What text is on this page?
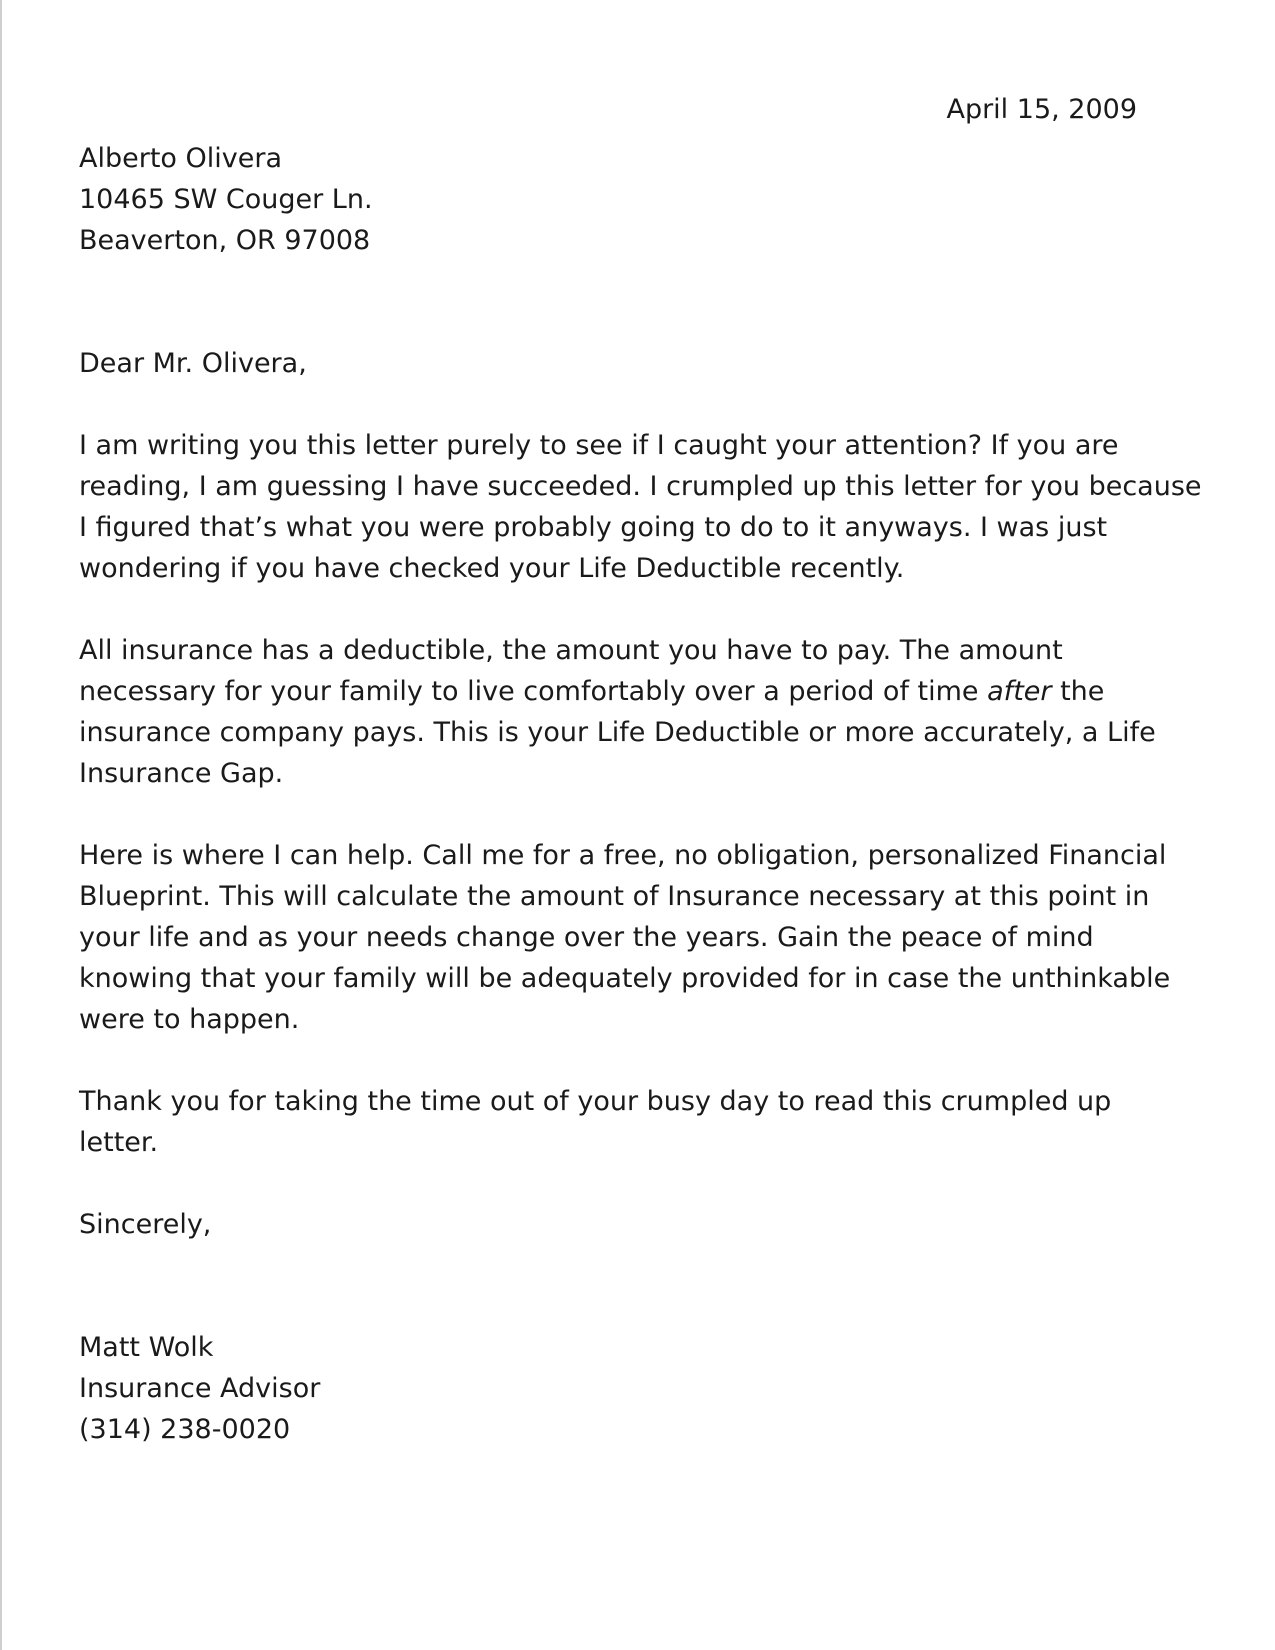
April 15, 2009
Alberto Olivera
10465 SW Couger Ln.
Beaverton, OR 97008
Dear Mr. Olivera,
I am writing you this letter purely to see if I caught your attention? If you are
reading, I am guessing I have succeeded. I crumpled up this letter for you because
I figured that’s what you were probably going to do to it anyways. I was just
wondering if you have checked your Life Deductible recently.
All insurance has a deductible, the amount you have to pay. The amount
necessary for your family to live comfortably over a period of time after the
insurance company pays. This is your Life Deductible or more accurately, a Life
Insurance Gap.
Here is where I can help. Call me for a free, no obligation, personalized Financial
Blueprint. This will calculate the amount of Insurance necessary at this point in
your life and as your needs change over the years. Gain the peace of mind
knowing that your family will be adequately provided for in case the unthinkable
were to happen.
Thank you for taking the time out of your busy day to read this crumpled up
letter.
Sincerely,
Matt Wolk
Insurance Advisor
(314) 238-0020
